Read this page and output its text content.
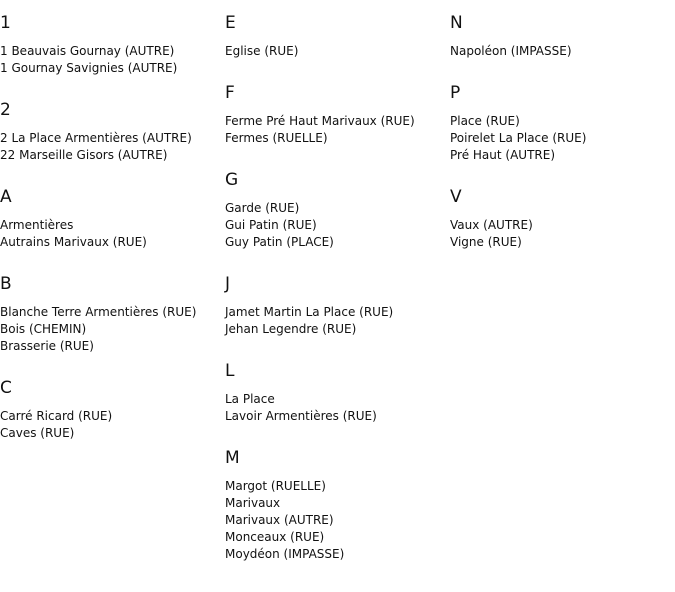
1
1 Beauvais Gournay (AUTRE)
1 Gournay Savignies (AUTRE)
2
2 La Place Armentières (AUTRE)
22 Marseille Gisors (AUTRE)
A
Armentières
Autrains Marivaux (RUE)
B
Blanche Terre Armentières (RUE)
Bois (CHEMIN)
Brasserie (RUE)
C
Carré Ricard (RUE)
Caves (RUE)
E
Eglise (RUE)
F
Ferme Pré Haut Marivaux (RUE)
Fermes (RUELLE)
G
Garde (RUE)
Gui Patin (RUE)
Guy Patin (PLACE)
J
Jamet Martin La Place (RUE)
Jehan Legendre (RUE)
L
La Place
Lavoir Armentières (RUE)
M
Margot (RUELLE)
Marivaux
Marivaux (AUTRE)
Monceaux (RUE)
Moydéon (IMPASSE)
N
Napoléon (IMPASSE)
P
Place (RUE)
Poirelet La Place (RUE)
Pré Haut (AUTRE)
V
Vaux (AUTRE)
Vigne (RUE)
